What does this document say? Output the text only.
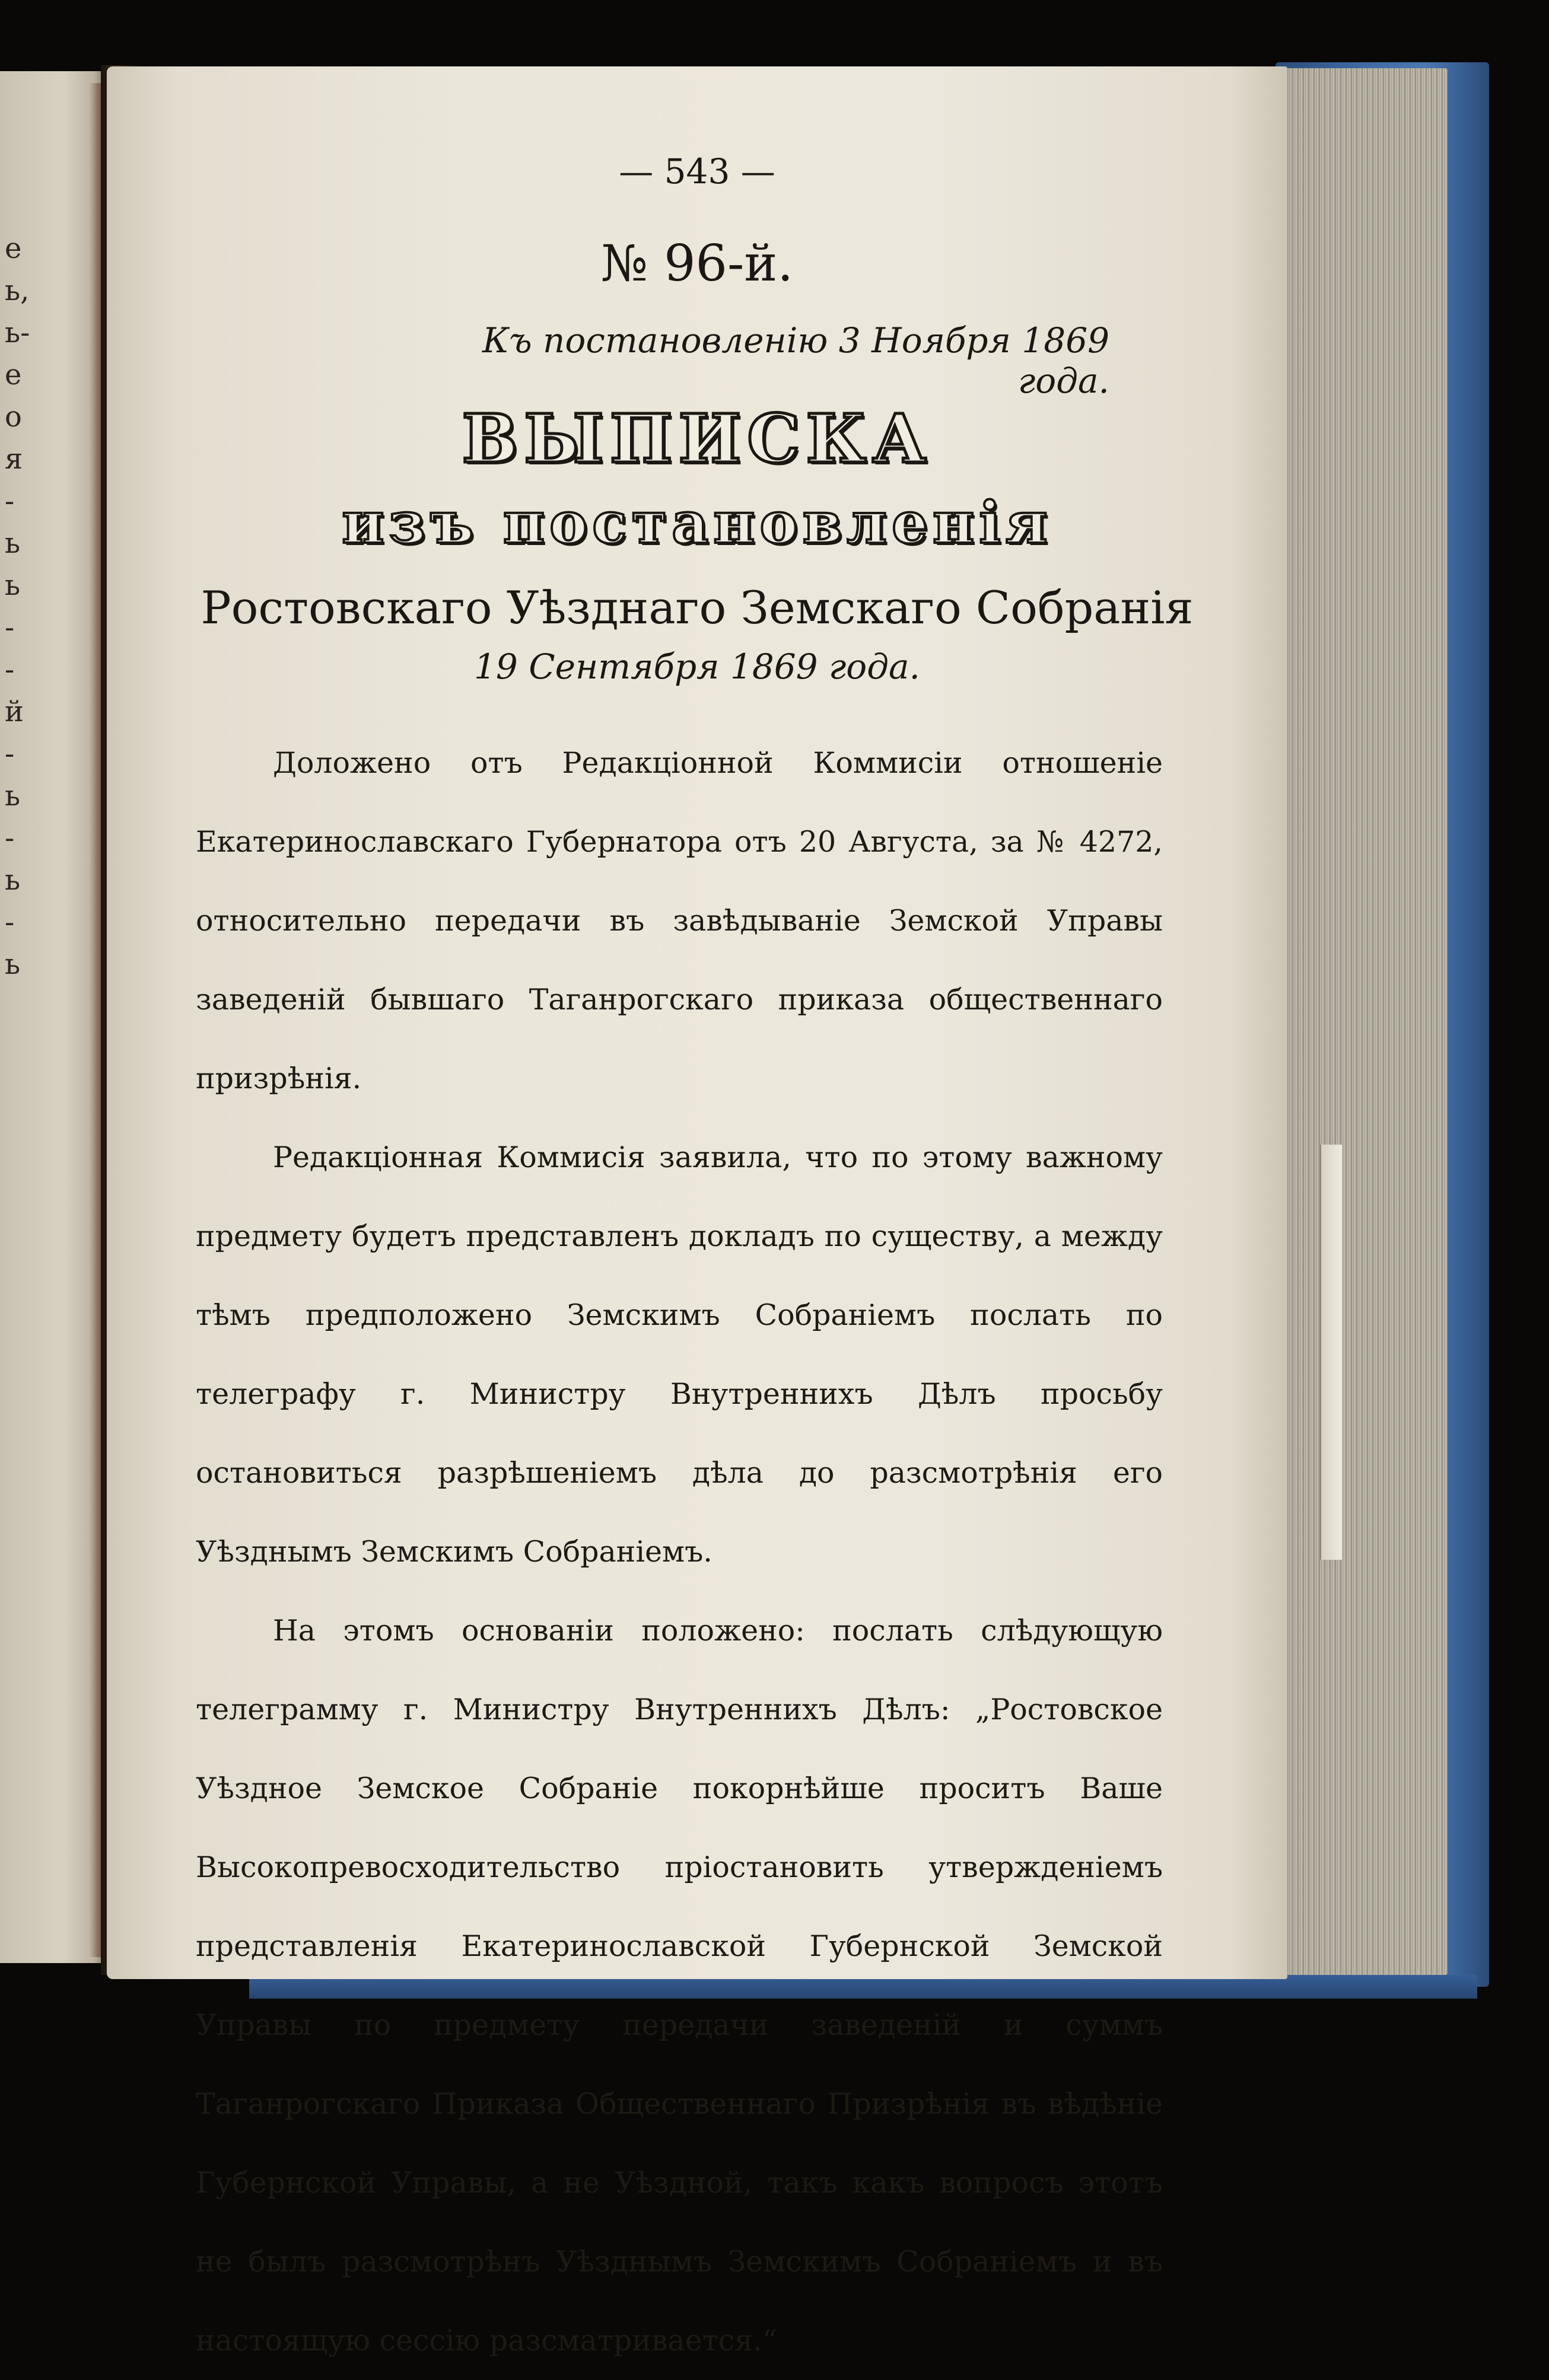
е
ь,
ь-
е
о
я
-
ь
ь
-
-
й
-
ь
-
ь
-
ь
— 543 —
№ 96-й.
Къ постановленію 3 Ноября 1869 года.
ВЫПИСКА
изъ постановленія
Ростовскаго Уѣзднаго Земскаго Собранія
19 Сентября 1869 года.

Доложено отъ Редакціонной Коммисіи отношеніе Екатеринославскаго Губернатора отъ 20 Августа, за № 4272, относительно передачи въ завѣдываніе Земской Управы заведеній бывшаго Таганрогскаго приказа общественнаго призрѣнія.

Редакціонная Коммисія заявила, что по этому важному предмету будетъ представленъ докладъ по существу, а между тѣмъ предположено Земскимъ Собраніемъ послать по телеграфу г. Министру Внутреннихъ Дѣлъ просьбу остановиться разрѣшеніемъ дѣла до разсмотрѣнія его Уѣзднымъ Земскимъ Собраніемъ.

На этомъ основаніи положено: послать слѣдующую телеграмму г. Министру Внутреннихъ Дѣлъ: „Ростовское Уѣздное Земское Собраніе покорнѣйше проситъ Ваше Высокопревосходительство пріостановить утвержденіемъ представленія Екатеринославской Губернской Земской Управы по предмету передачи заведеній и суммъ Таганрогскаго Приказа Общественнаго Призрѣнія въ вѣдѣніе Губернской Управы, а не Уѣздной, такъ какъ вопросъ этотъ не былъ разсмотрѣнъ Уѣзднымъ Земскимъ Собраніемъ и въ настоящую сессію разсматривается.“
